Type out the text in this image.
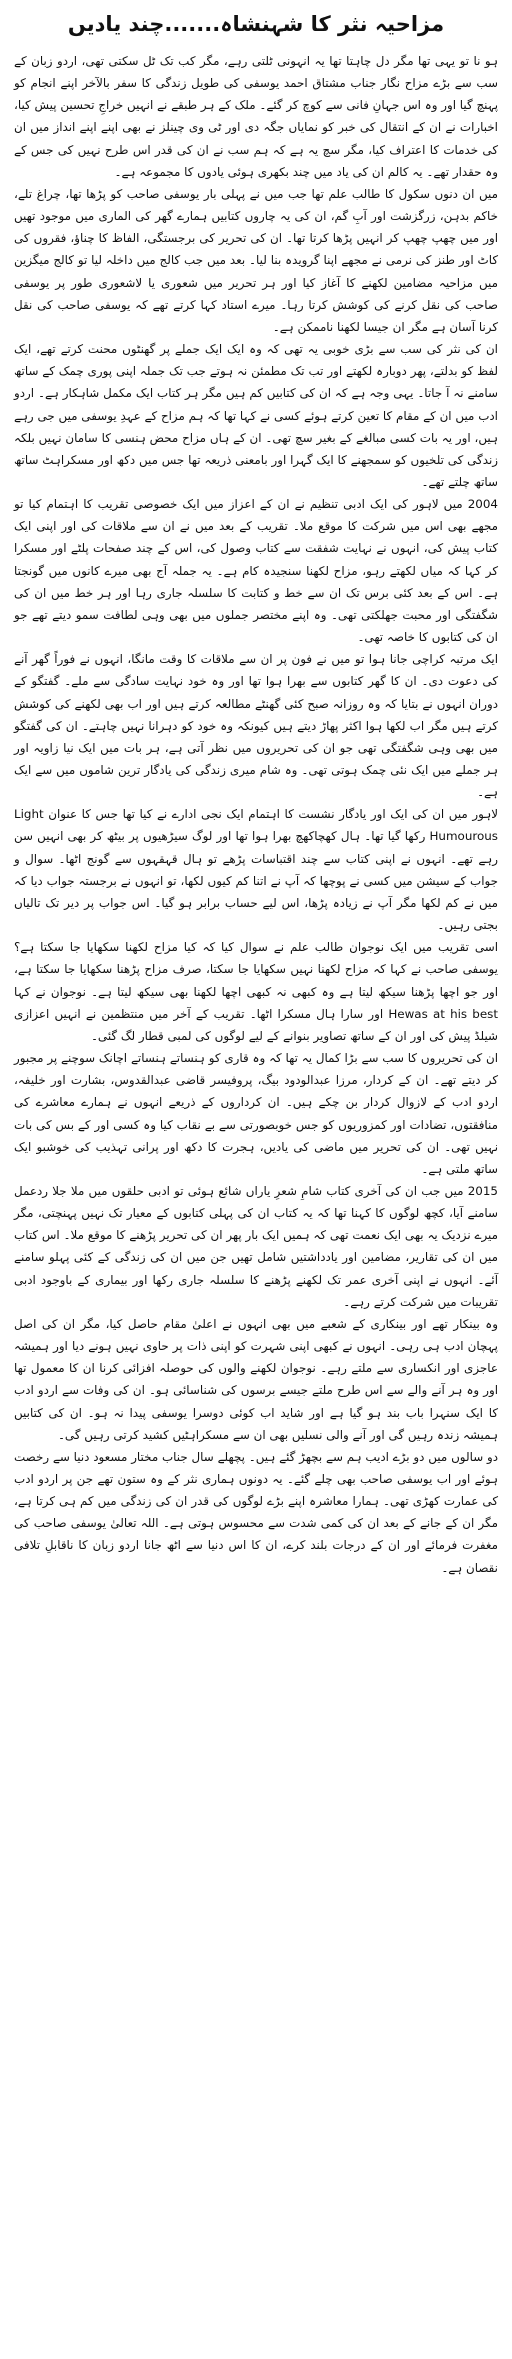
مزاحیہ نثر کا شہنشاہ.......چند یادیں

ہو نا تو یہی تھا مگر دل چاہتا تھا یہ انہونی ٹلتی رہے، مگر کب تک ٹل سکتی تھی، اردو زبان کے سب سے بڑے مزاح نگار جناب مشتاق احمد یوسفی کی طویل زندگی کا سفر بالآخر اپنے انجام کو پہنچ گیا اور وہ اس جہانِ فانی سے کوچ کر گئے۔ ملک کے ہر طبقے نے انہیں خراجِ تحسین پیش کیا، اخبارات نے ان کے انتقال کی خبر کو نمایاں جگہ دی اور ٹی وی چینلز نے بھی اپنے اپنے انداز میں ان کی خدمات کا اعتراف کیا، مگر سچ یہ ہے کہ ہم سب نے ان کی قدر اس طرح نہیں کی جس کے وہ حقدار تھے۔ یہ کالم ان کی یاد میں چند بکھری ہوئی یادوں کا مجموعہ ہے۔

میں ان دنوں سکول کا طالب علم تھا جب میں نے پہلی بار یوسفی صاحب کو پڑھا تھا، چراغ تلے، خاکم بدہن، زرگزشت اور آبِ گم، ان کی یہ چاروں کتابیں ہمارے گھر کی الماری میں موجود تھیں اور میں چھپ چھپ کر انہیں پڑھا کرتا تھا۔ ان کی تحریر کی برجستگی، الفاظ کا چناؤ، فقروں کی کاٹ اور طنز کی نرمی نے مجھے اپنا گرویدہ بنا لیا۔ بعد میں جب کالج میں داخلہ لیا تو کالج میگزین میں مزاحیہ مضامین لکھنے کا آغاز کیا اور ہر تحریر میں شعوری یا لاشعوری طور پر یوسفی صاحب کی نقل کرنے کی کوشش کرتا رہا۔ میرے استاد کہا کرتے تھے کہ یوسفی صاحب کی نقل کرنا آسان ہے مگر ان جیسا لکھنا ناممکن ہے۔

ان کی نثر کی سب سے بڑی خوبی یہ تھی کہ وہ ایک ایک جملے پر گھنٹوں محنت کرتے تھے، ایک لفظ کو بدلتے، پھر دوبارہ لکھتے اور تب تک مطمئن نہ ہوتے جب تک جملہ اپنی پوری چمک کے ساتھ سامنے نہ آ جاتا۔ یہی وجہ ہے کہ ان کی کتابیں کم ہیں مگر ہر کتاب ایک مکمل شاہکار ہے۔ اردو ادب میں ان کے مقام کا تعین کرتے ہوئے کسی نے کہا تھا کہ ہم مزاح کے عہدِ یوسفی میں جی رہے ہیں، اور یہ بات کسی مبالغے کے بغیر سچ تھی۔ ان کے ہاں مزاح محض ہنسی کا سامان نہیں بلکہ زندگی کی تلخیوں کو سمجھنے کا ایک گہرا اور بامعنی ذریعہ تھا جس میں دکھ اور مسکراہٹ ساتھ ساتھ چلتے تھے۔

2004 میں لاہور کی ایک ادبی تنظیم نے ان کے اعزاز میں ایک خصوصی تقریب کا اہتمام کیا تو مجھے بھی اس میں شرکت کا موقع ملا۔ تقریب کے بعد میں نے ان سے ملاقات کی اور اپنی ایک کتاب پیش کی، انہوں نے نہایت شفقت سے کتاب وصول کی، اس کے چند صفحات پلٹے اور مسکرا کر کہا کہ میاں لکھتے رہو، مزاح لکھنا سنجیدہ کام ہے۔ یہ جملہ آج بھی میرے کانوں میں گونجتا ہے۔ اس کے بعد کئی برس تک ان سے خط و کتابت کا سلسلہ جاری رہا اور ہر خط میں ان کی شگفتگی اور محبت جھلکتی تھی۔ وہ اپنے مختصر جملوں میں بھی وہی لطافت سمو دیتے تھے جو ان کی کتابوں کا خاصہ تھی۔

ایک مرتبہ کراچی جانا ہوا تو میں نے فون پر ان سے ملاقات کا وقت مانگا، انہوں نے فوراً گھر آنے کی دعوت دی۔ ان کا گھر کتابوں سے بھرا ہوا تھا اور وہ خود نہایت سادگی سے ملے۔ گفتگو کے دوران انہوں نے بتایا کہ وہ روزانہ صبح کئی گھنٹے مطالعہ کرتے ہیں اور اب بھی لکھنے کی کوشش کرتے ہیں مگر اب لکھا ہوا اکثر پھاڑ دیتے ہیں کیونکہ وہ خود کو دہرانا نہیں چاہتے۔ ان کی گفتگو میں بھی وہی شگفتگی تھی جو ان کی تحریروں میں نظر آتی ہے، ہر بات میں ایک نیا زاویہ اور ہر جملے میں ایک نئی چمک ہوتی تھی۔ وہ شام میری زندگی کی یادگار ترین شاموں میں سے ایک ہے۔

لاہور میں ان کی ایک اور یادگار نشست کا اہتمام ایک نجی ادارے نے کیا تھا جس کا عنوان Light Humourous رکھا گیا تھا۔ ہال کھچاکھچ بھرا ہوا تھا اور لوگ سیڑھیوں پر بیٹھ کر بھی انہیں سن رہے تھے۔ انہوں نے اپنی کتاب سے چند اقتباسات پڑھے تو ہال قہقہوں سے گونج اٹھا۔ سوال و جواب کے سیشن میں کسی نے پوچھا کہ آپ نے اتنا کم کیوں لکھا، تو انہوں نے برجستہ جواب دیا کہ میں نے کم لکھا مگر آپ نے زیادہ پڑھا، اس لیے حساب برابر ہو گیا۔ اس جواب پر دیر تک تالیاں بجتی رہیں۔

اسی تقریب میں ایک نوجوان طالب علم نے سوال کیا کہ کیا مزاح لکھنا سکھایا جا سکتا ہے؟ یوسفی صاحب نے کہا کہ مزاح لکھنا نہیں سکھایا جا سکتا، صرف مزاح پڑھنا سکھایا جا سکتا ہے، اور جو اچھا پڑھنا سیکھ لیتا ہے وہ کبھی نہ کبھی اچھا لکھنا بھی سیکھ لیتا ہے۔ نوجوان نے کہا Hewas at his best اور سارا ہال مسکرا اٹھا۔ تقریب کے آخر میں منتظمین نے انہیں اعزازی شیلڈ پیش کی اور ان کے ساتھ تصاویر بنوانے کے لیے لوگوں کی لمبی قطار لگ گئی۔

ان کی تحریروں کا سب سے بڑا کمال یہ تھا کہ وہ قاری کو ہنساتے ہنساتے اچانک سوچنے پر مجبور کر دیتے تھے۔ ان کے کردار، مرزا عبدالودود بیگ، پروفیسر قاضی عبدالقدوس، بشارت اور خلیفہ، اردو ادب کے لازوال کردار بن چکے ہیں۔ ان کرداروں کے ذریعے انہوں نے ہمارے معاشرے کی منافقتوں، تضادات اور کمزوریوں کو جس خوبصورتی سے بے نقاب کیا وہ کسی اور کے بس کی بات نہیں تھی۔ ان کی تحریر میں ماضی کی یادیں، ہجرت کا دکھ اور پرانی تہذیب کی خوشبو ایک ساتھ ملتی ہے۔

2015 میں جب ان کی آخری کتاب شامِ شعرِ یاراں شائع ہوئی تو ادبی حلقوں میں ملا جلا ردعمل سامنے آیا، کچھ لوگوں کا کہنا تھا کہ یہ کتاب ان کی پہلی کتابوں کے معیار تک نہیں پہنچتی، مگر میرے نزدیک یہ بھی ایک نعمت تھی کہ ہمیں ایک بار پھر ان کی تحریر پڑھنے کا موقع ملا۔ اس کتاب میں ان کی تقاریر، مضامین اور یادداشتیں شامل تھیں جن میں ان کی زندگی کے کئی پہلو سامنے آئے۔ انہوں نے اپنی آخری عمر تک لکھنے پڑھنے کا سلسلہ جاری رکھا اور بیماری کے باوجود ادبی تقریبات میں شرکت کرتے رہے۔

وہ بینکار تھے اور بینکاری کے شعبے میں بھی انہوں نے اعلیٰ مقام حاصل کیا، مگر ان کی اصل پہچان ادب ہی رہی۔ انہوں نے کبھی اپنی شہرت کو اپنی ذات پر حاوی نہیں ہونے دیا اور ہمیشہ عاجزی اور انکساری سے ملتے رہے۔ نوجوان لکھنے والوں کی حوصلہ افزائی کرنا ان کا معمول تھا اور وہ ہر آنے والے سے اس طرح ملتے جیسے برسوں کی شناسائی ہو۔ ان کی وفات سے اردو ادب کا ایک سنہرا باب بند ہو گیا ہے اور شاید اب کوئی دوسرا یوسفی پیدا نہ ہو۔ ان کی کتابیں ہمیشہ زندہ رہیں گی اور آنے والی نسلیں بھی ان سے مسکراہٹیں کشید کرتی رہیں گی۔

دو سالوں میں دو بڑے ادیب ہم سے بچھڑ گئے ہیں۔ پچھلے سال جناب مختار مسعود دنیا سے رخصت ہوئے اور اب یوسفی صاحب بھی چلے گئے۔ یہ دونوں ہماری نثر کے وہ ستون تھے جن پر اردو ادب کی عمارت کھڑی تھی۔ ہمارا معاشرہ اپنے بڑے لوگوں کی قدر ان کی زندگی میں کم ہی کرتا ہے، مگر ان کے جانے کے بعد ان کی کمی شدت سے محسوس ہوتی ہے۔ اللہ تعالیٰ یوسفی صاحب کی مغفرت فرمائے اور ان کے درجات بلند کرے، ان کا اس دنیا سے اٹھ جانا اردو زبان کا ناقابلِ تلافی نقصان ہے۔
